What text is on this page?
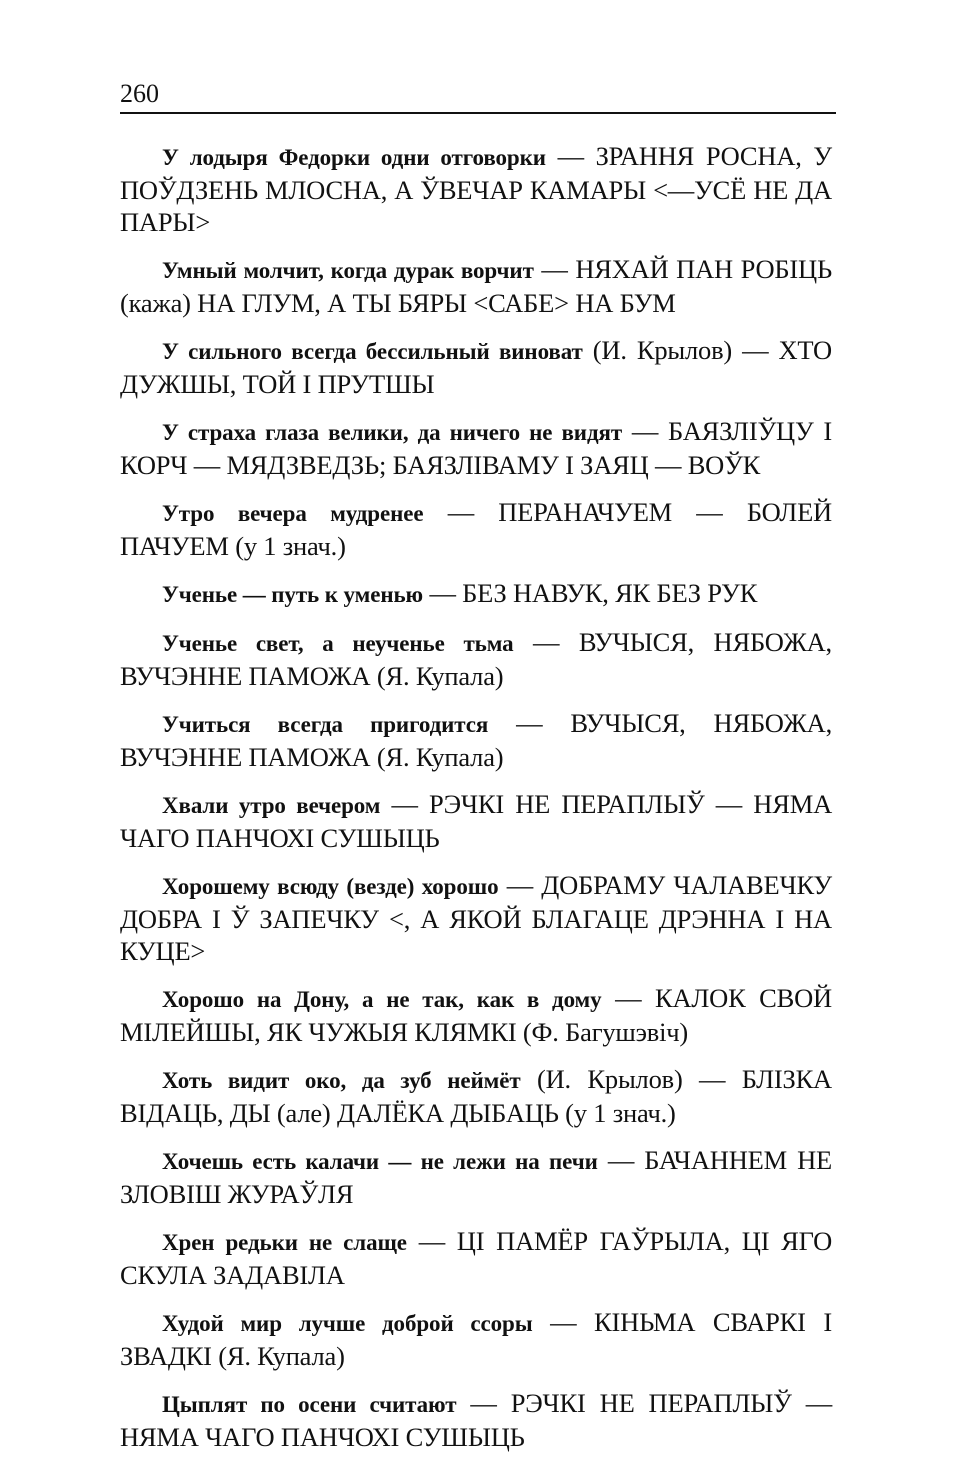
260

У лодыря Федорки одни отговорки — ЗРАННЯ РОСНА, У ПОЎДЗЕНЬ МЛОСНА, А ЎВЕЧАР КАМАРЫ <—УСЁ НЕ ДА ПАРЫ>

Умный молчит, когда дурак ворчит — НЯХАЙ ПАН РОБІЦЬ (кажа) НА ГЛУМ, А ТЫ БЯРЫ <САБЕ> НА БУМ

У сильного всегда бессильный виноват (И. Крылов) — ХТО ДУЖШЫ, ТОЙ І ПРУТШЫ

У страха глаза велики, да ничего не видят — БАЯЗЛІЎЦУ І КОРЧ — МЯДЗВЕДЗЬ; БАЯЗЛІВАМУ І ЗАЯЦ — ВОЎК

Утро вечера мудренее — ПЕРАНАЧУЕМ — БОЛЕЙ ПАЧУЕМ (у 1 знач.)

Ученье — путь к уменью — БЕЗ НАВУК, ЯК БЕЗ РУК

Ученье свет, а неученье тьма — ВУЧЫСЯ, НЯБОЖА, ВУЧЭННЕ ПАМОЖА (Я. Купала)

Учиться всегда пригодится — ВУЧЫСЯ, НЯБОЖА, ВУЧЭННЕ ПАМОЖА (Я. Купала)

Хвали утро вечером — РЭЧКІ НЕ ПЕРАПЛЫЎ — НЯМА ЧАГО ПАНЧОХІ СУШЫЦЬ

Хорошему всюду (везде) хорошо — ДОБРАМУ ЧАЛАВЕЧКУ ДОБРА І Ў ЗАПЕЧКУ <, А ЯКОЙ БЛАГАЦЕ ДРЭННА І НА КУЦЕ>

Хорошо на Дону, а не так, как в дому — КАЛОК СВОЙ МІЛЕЙШЫ, ЯК ЧУЖЫЯ КЛЯМКІ (Ф. Багушэвіч)

Хоть видит око, да зуб неймёт (И. Крылов) — БЛІЗКА ВІДАЦЬ, ДЫ (але) ДАЛЁКА ДЫБАЦЬ (у 1 знач.)

Хочешь есть калачи — не лежи на печи — БАЧАННЕМ НЕ ЗЛОВІШ ЖУРАЎЛЯ

Хрен редьки не слаще — ЦІ ПАМЁР ГАЎРЫЛА, ЦІ ЯГО СКУЛА ЗАДАВІЛА

Худой мир лучше доброй ссоры — КІНЬМА СВАРКІ І ЗВАДКІ (Я. Купала)

Цыплят по осени считают — РЭЧКІ НЕ ПЕРАПЛЫЎ — НЯМА ЧАГО ПАНЧОХІ СУШЫЦЬ
